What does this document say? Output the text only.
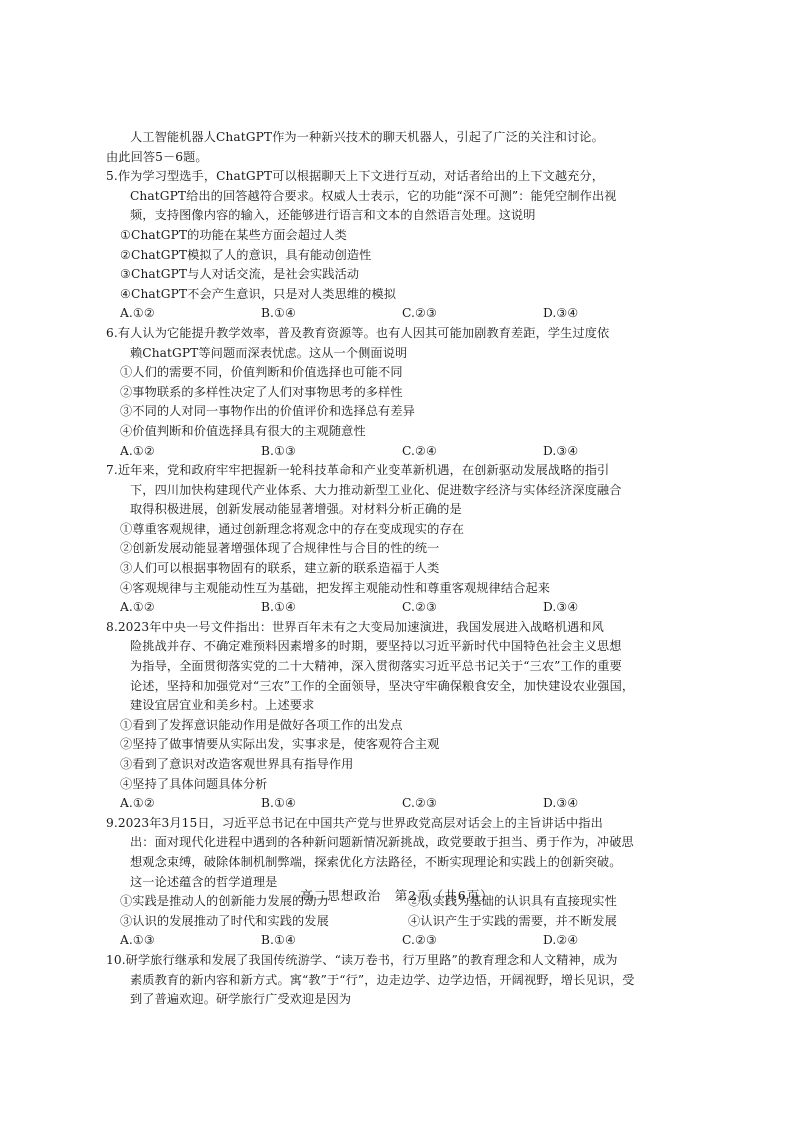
人工智能机器人ChatGPT作为一种新兴技术的聊天机器人，引起了广泛的关注和讨论。
由此回答5－6题。
5.作为学习型选手，ChatGPT可以根据聊天上下文进行互动，对话者给出的上下文越充分，
ChatGPT给出的回答越符合要求。权威人士表示，它的功能“深不可测”：能凭空制作出视
频，支持图像内容的输入，还能够进行语言和文本的自然语言处理。这说明
①ChatGPT的功能在某些方面会超过人类
②ChatGPT模拟了人的意识，具有能动创造性
③ChatGPT与人对话交流，是社会实践活动
④ChatGPT不会产生意识，只是对人类思维的模拟
A.①②	B.①④	C.②③	D.③④
6.有人认为它能提升教学效率，普及教育资源等。也有人因其可能加剧教育差距，学生过度依
赖ChatGPT等问题而深表忧虑。这从一个侧面说明
①人们的需要不同，价值判断和价值选择也可能不同
②事物联系的多样性决定了人们对事物思考的多样性
③不同的人对同一事物作出的价值评价和选择总有差异
④价值判断和价值选择具有很大的主观随意性
A.①②	B.①③	C.②④	D.③④
7.近年来，党和政府牢牢把握新一轮科技革命和产业变革新机遇，在创新驱动发展战略的指引
下，四川加快构建现代产业体系、大力推动新型工业化、促进数字经济与实体经济深度融合
取得积极进展，创新发展动能显著增强。对材料分析正确的是
①尊重客观规律，通过创新理念将观念中的存在变成现实的存在
②创新发展动能显著增强体现了合规律性与合目的性的统一
③人们可以根据事物固有的联系，建立新的联系造福于人类
④客观规律与主观能动性互为基础，把发挥主观能动性和尊重客观规律结合起来
A.①②	B.①④	C.②③	D.③④
8.2023年中央一号文件指出：世界百年未有之大变局加速演进，我国发展进入战略机遇和风
险挑战并存、不确定难预料因素增多的时期，要坚持以习近平新时代中国特色社会主义思想
为指导，全面贯彻落实党的二十大精神，深入贯彻落实习近平总书记关于“三农”工作的重要
论述，坚持和加强党对“三农”工作的全面领导，坚决守牢确保粮食安全，加快建设农业强国，
建设宜居宜业和美乡村。上述要求
①看到了发挥意识能动作用是做好各项工作的出发点
②坚持了做事情要从实际出发，实事求是，使客观符合主观
③看到了意识对改造客观世界具有指导作用
④坚持了具体问题具体分析
A.①②	B.①④	C.②③	D.③④
9.2023年3月15日，习近平总书记在中国共产党与世界政党高层对话会上的主旨讲话中指出
出：面对现代化进程中遇到的各种新问题新情况新挑战，政党要敢于担当、勇于作为，冲破思
想观念束缚，破除体制机制弊端，探索优化方法路径，不断实现理论和实践上的创新突破。
这一论述蕴含的哲学道理是
①实践是推动人的创新能力发展的动力	②以实践为基础的认识具有直接现实性
③认识的发展推动了时代和实践的发展	④认识产生于实践的需要，并不断发展
A.①③	B.①④	C.②③	D.②④
10.研学旅行继承和发展了我国传统游学、“读万卷书，行万里路”的教育理念和人文精神，成为
素质教育的新内容和新方式。寓“教”于“行”，边走边学、边学边悟，开阔视野，增长见识，受
到了普遍欢迎。研学旅行广受欢迎是因为
高二思想政治　第2页（共6页）
